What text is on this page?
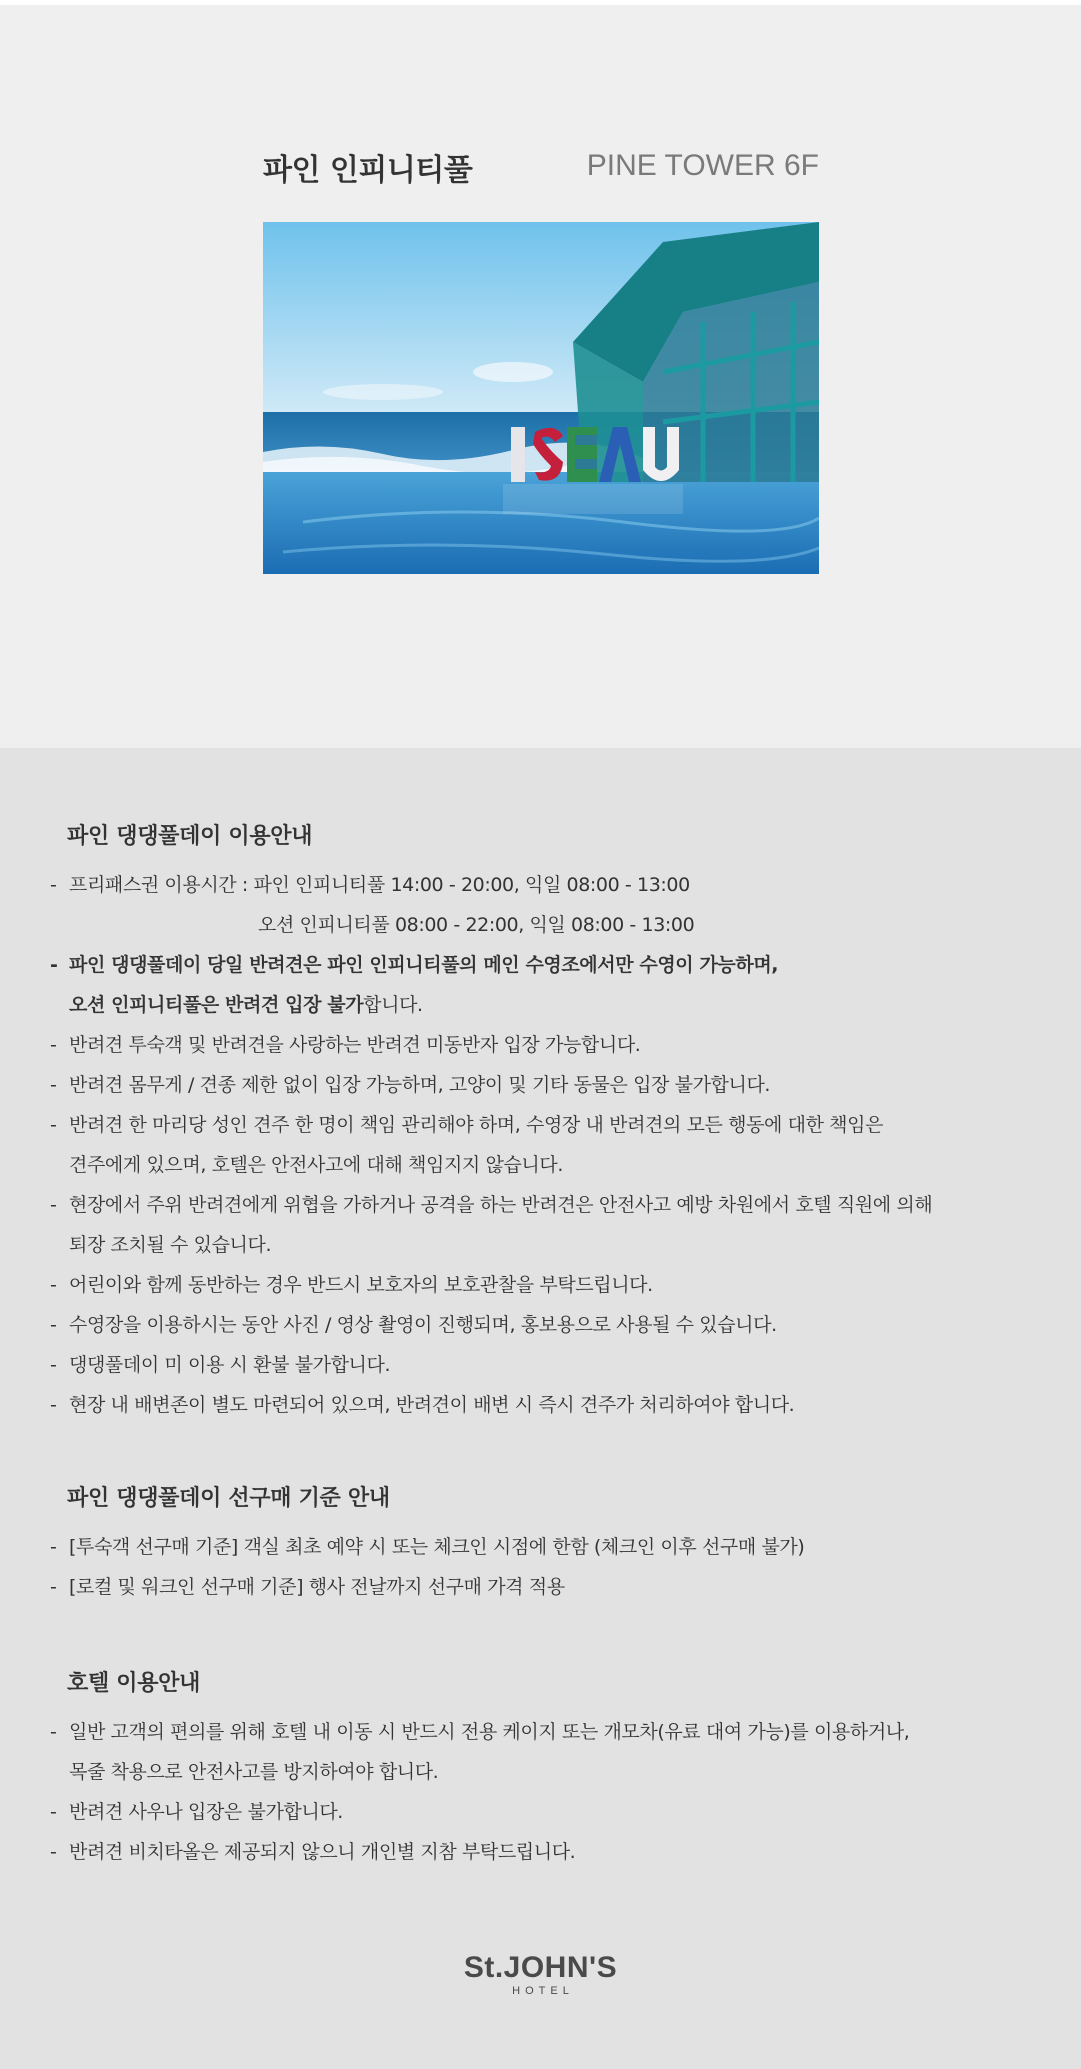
파인 인피니티풀	PINE TOWER 6F
파인 댕댕풀데이 이용안내
- 프리패스권 이용시간 : 파인 인피니티풀 14:00 - 20:00, 익일 08:00 - 13:00
오션 인피니티풀 08:00 - 22:00, 익일 08:00 - 13:00
- 파인 댕댕풀데이 당일 반려견은 파인 인피니티풀의 메인 수영조에서만 수영이 가능하며,
오션 인피니티풀은 반려견 입장 불가합니다.
- 반려견 투숙객 및 반려견을 사랑하는 반려견 미동반자 입장 가능합니다.
- 반려견 몸무게 / 견종 제한 없이 입장 가능하며, 고양이 및 기타 동물은 입장 불가합니다.
- 반려견 한 마리당 성인 견주 한 명이 책임 관리해야 하며, 수영장 내 반려견의 모든 행동에 대한 책임은
견주에게 있으며, 호텔은 안전사고에 대해 책임지지 않습니다.
- 현장에서 주위 반려견에게 위협을 가하거나 공격을 하는 반려견은 안전사고 예방 차원에서 호텔 직원에 의해
퇴장 조치될 수 있습니다.
- 어린이와 함께 동반하는 경우 반드시 보호자의 보호관찰을 부탁드립니다.
- 수영장을 이용하시는 동안 사진 / 영상 촬영이 진행되며, 홍보용으로 사용될 수 있습니다.
- 댕댕풀데이 미 이용 시 환불 불가합니다.
- 현장 내 배변존이 별도 마련되어 있으며, 반려견이 배변 시 즉시 견주가 처리하여야 합니다.
파인 댕댕풀데이 선구매 기준 안내
- [투숙객 선구매 기준] 객실 최초 예약 시 또는 체크인 시점에 한함 (체크인 이후 선구매 불가)
- [로컬 및 워크인 선구매 기준] 행사 전날까지 선구매 가격 적용
호텔 이용안내
- 일반 고객의 편의를 위해 호텔 내 이동 시 반드시 전용 케이지 또는 개모차(유료 대여 가능)를 이용하거나,
목줄 착용으로 안전사고를 방지하여야 합니다.
- 반려견 사우나 입장은 불가합니다.
- 반려견 비치타올은 제공되지 않으니 개인별 지참 부탁드립니다.
St.JOHN'S
HOTEL
